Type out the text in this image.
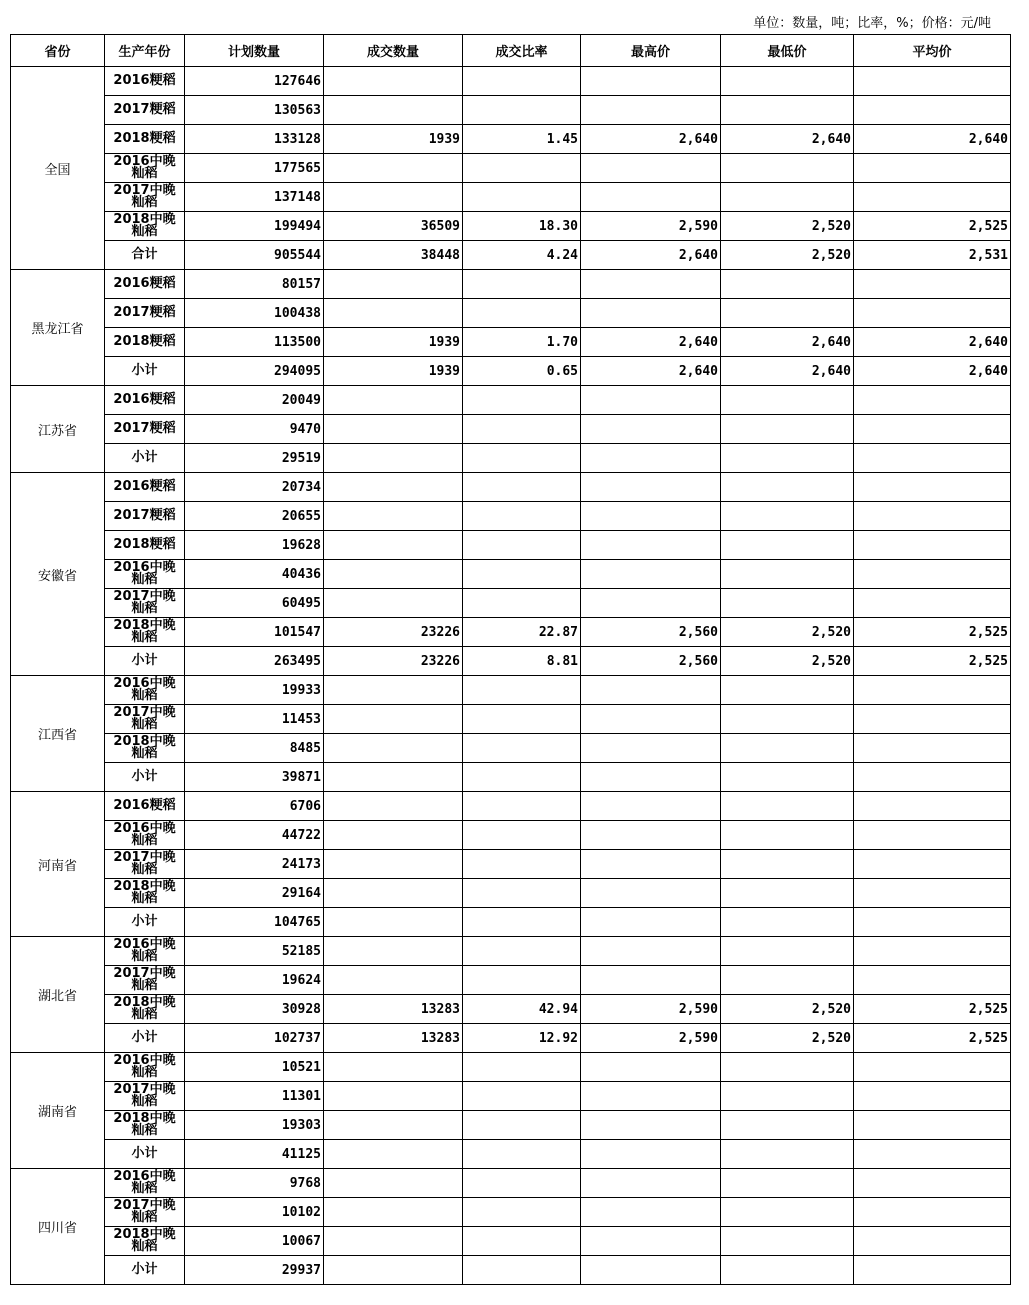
单位：数量，吨；比率，%；价格：元/吨
省份	生产年份	计划数量	成交数量	成交比率	最高价	最低价	平均价
全国	2016粳稻	127646					
	2017粳稻	130563					
	2018粳稻	133128	1939	1.45	2,640	2,640	2,640
	2016中晚籼稻	177565					
	2017中晚籼稻	137148					
	2018中晚籼稻	199494	36509	18.30	2,590	2,520	2,525
	合计	905544	38448	4.24	2,640	2,520	2,531
黑龙江省	2016粳稻	80157					
	2017粳稻	100438					
	2018粳稻	113500	1939	1.70	2,640	2,640	2,640
	小计	294095	1939	0.65	2,640	2,640	2,640
江苏省	2016粳稻	20049					
	2017粳稻	9470					
	小计	29519					
安徽省	2016粳稻	20734					
	2017粳稻	20655					
	2018粳稻	19628					
	2016中晚籼稻	40436					
	2017中晚籼稻	60495					
	2018中晚籼稻	101547	23226	22.87	2,560	2,520	2,525
	小计	263495	23226	8.81	2,560	2,520	2,525
江西省	2016中晚籼稻	19933					
	2017中晚籼稻	11453					
	2018中晚籼稻	8485					
	小计	39871					
河南省	2016粳稻	6706					
	2016中晚籼稻	44722					
	2017中晚籼稻	24173					
	2018中晚籼稻	29164					
	小计	104765					
湖北省	2016中晚籼稻	52185					
	2017中晚籼稻	19624					
	2018中晚籼稻	30928	13283	42.94	2,590	2,520	2,525
	小计	102737	13283	12.92	2,590	2,520	2,525
湖南省	2016中晚籼稻	10521					
	2017中晚籼稻	11301					
	2018中晚籼稻	19303					
	小计	41125					
四川省	2016中晚籼稻	9768					
	2017中晚籼稻	10102					
	2018中晚籼稻	10067					
	小计	29937					
